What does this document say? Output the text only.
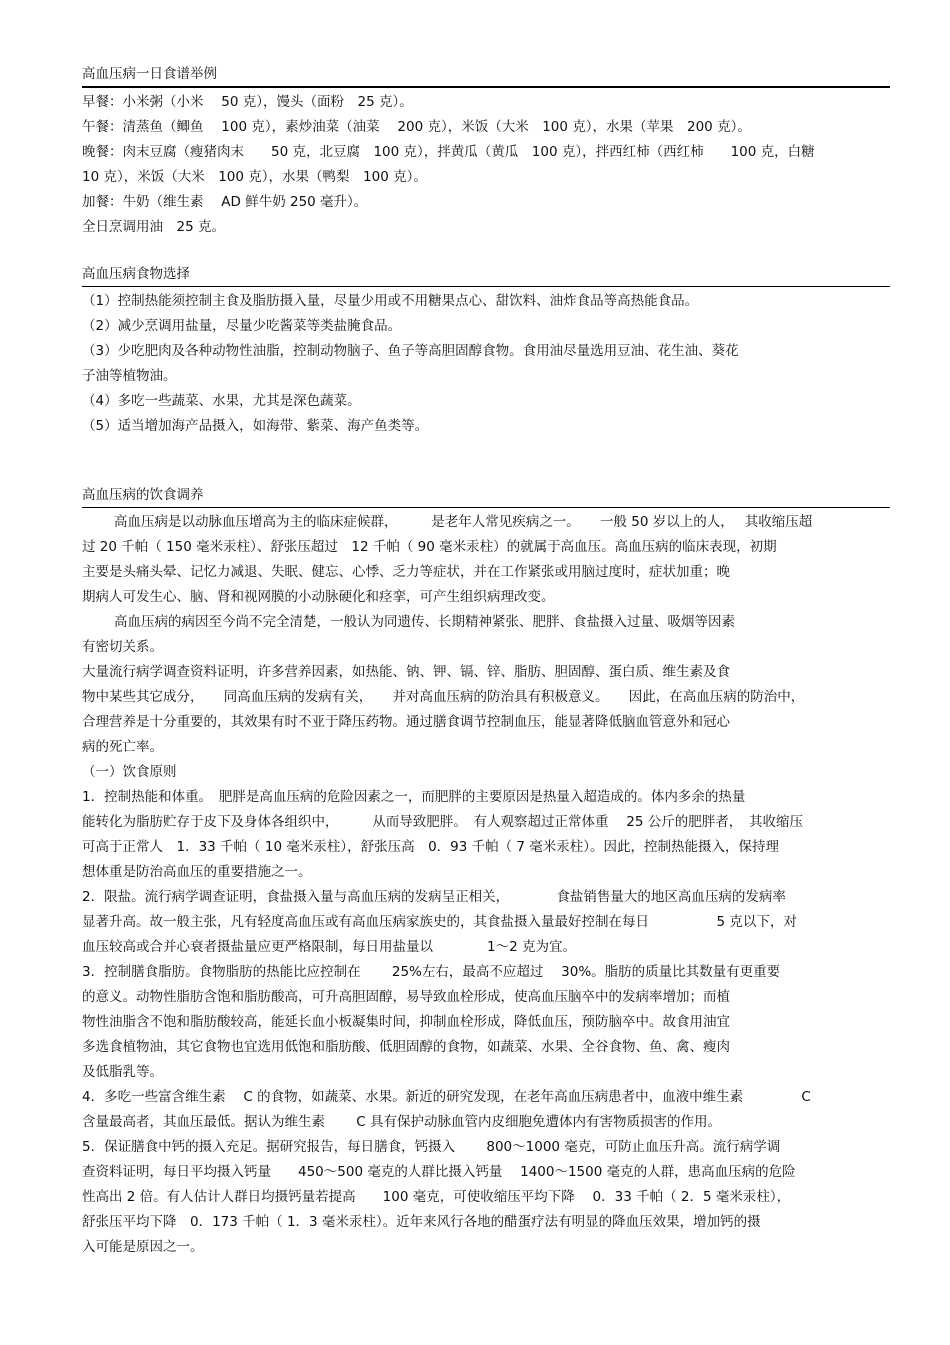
高血压病一日食谱举例

早餐：小米粥（小米　 50 克），馒头（面粉　25 克）。

午餐：清蒸鱼（鲫鱼　 100 克），素炒油菜（油菜　 200 克），米饭（大米　100 克），水果（苹果　200 克）。

晚餐：肉末豆腐（瘦猪肉末　　50 克，北豆腐　100 克），拌黄瓜（黄瓜　100 克），拌西红柿（西红柿　　100 克，白糖

10 克），米饭（大米　100 克），水果（鸭梨　100 克）。

加餐：牛奶（维生素　 AD 鲜牛奶 250 毫升）。

全日烹调用油　25 克。

高血压病食物选择

（1）控制热能须控制主食及脂肪摄入量，尽量少用或不用糖果点心、甜饮料、油炸食品等高热能食品。

（2）减少烹调用盐量，尽量少吃酱菜等类盐腌食品。

（3）少吃肥肉及各种动物性油脂，控制动物脑子、鱼子等高胆固醇食物。食用油尽量选用豆油、花生油、葵花

子油等植物油。

（4）多吃一些蔬菜、水果，尤其是深色蔬菜。

（5）适当增加海产品摄入，如海带、紫菜、海产鱼类等。

高血压病的饮食调养

高血压病是以动脉血压增高为主的临床症候群，　　　是老年人常见疾病之一。　　一般 50 岁以上的人，　 其收缩压超

过 20 千帕（ 150 毫米汞柱）、舒张压超过　12 千帕（ 90 毫米汞柱）的就属于高血压。高血压病的临床表现，初期

主要是头痛头晕、记忆力减退、失眠、健忘、心悸、乏力等症状，并在工作紧张或用脑过度时，症状加重；晚

期病人可发生心、脑、肾和视网膜的小动脉硬化和痉挛，可产生组织病理改变。

高血压病的病因至今尚不完全清楚，一般认为同遗传、长期精神紧张、肥胖、食盐摄入过量、吸烟等因素

有密切关系。

大量流行病学调查资料证明，许多营养因素，如热能、钠、钾、镉、锌、脂肪、胆固醇、蛋白质、维生素及食

物中某些其它成分，　　同高血压病的发病有关，　　并对高血压病的防治具有积极意义。　　因此，在高血压病的防治中，

合理营养是十分重要的，其效果有时不亚于降压药物。通过膳食调节控制血压，能显著降低脑血管意外和冠心

病的死亡率。

（一）饮食原则

1．控制热能和体重。　肥胖是高血压病的危险因素之一，而肥胖的主要原因是热量入超造成的。体内多余的热量

能转化为脂肪贮存于皮下及身体各组织中，　　　从而导致肥胖。　有人观察超过正常体重　 25 公斤的肥胖者，　其收缩压

可高于正常人　1．33 千帕（ 10 毫米汞柱），舒张压高　0．93 千帕（ 7 毫米汞柱）。因此，控制热能摄入，保持理

想体重是防治高血压的重要措施之一。

2．限盐。流行病学调查证明，食盐摄入量与高血压病的发病呈正相关，　　　　食盐销售量大的地区高血压病的发病率

显著升高。故一般主张，凡有轻度高血压或有高血压病家族史的，其食盐摄入量最好控制在每日　　　　　5 克以下，对

血压较高或合并心衰者摄盐量应更严格限制，每日用盐量以　　　　1～2 克为宜。

3．控制膳食脂肪。食物脂肪的热能比应控制在　　 25%左右，最高不应超过　 30%。脂肪的质量比其数量有更重要

的意义。动物性脂肪含饱和脂肪酸高，可升高胆固醇，易导致血栓形成，使高血压脑卒中的发病率增加；而植

物性油脂含不饱和脂肪酸较高，能延长血小板凝集时间，抑制血栓形成，降低血压，预防脑卒中。故食用油宜

多选食植物油，其它食物也宜选用低饱和脂肪酸、低胆固醇的食物，如蔬菜、水果、全谷食物、鱼、禽、瘦肉

及低脂乳等。

4．多吃一些富含维生素　 C 的食物，如蔬菜、水果。新近的研究发现，在老年高血压病患者中，血液中维生素　　　　 C

含量最高者，其血压最低。据认为维生素　　 C 具有保护动脉血管内皮细胞免遭体内有害物质损害的作用。

5．保证膳食中钙的摄入充足。据研究报告，每日膳食，钙摄入　　 800～1000 毫克，可防止血压升高。流行病学调

查资料证明，每日平均摄入钙量　　450～500 毫克的人群比摄入钙量　 1400～1500 毫克的人群，患高血压病的危险

性高出 2 倍。有人估计人群日均摄钙量若提高　　100 毫克，可使收缩压平均下降　 0．33 千帕（ 2．5 毫米汞柱），

舒张压平均下降　0．173 千帕（ 1．3 毫米汞柱）。近年来风行各地的醋蛋疗法有明显的降血压效果，增加钙的摄

入可能是原因之一。
